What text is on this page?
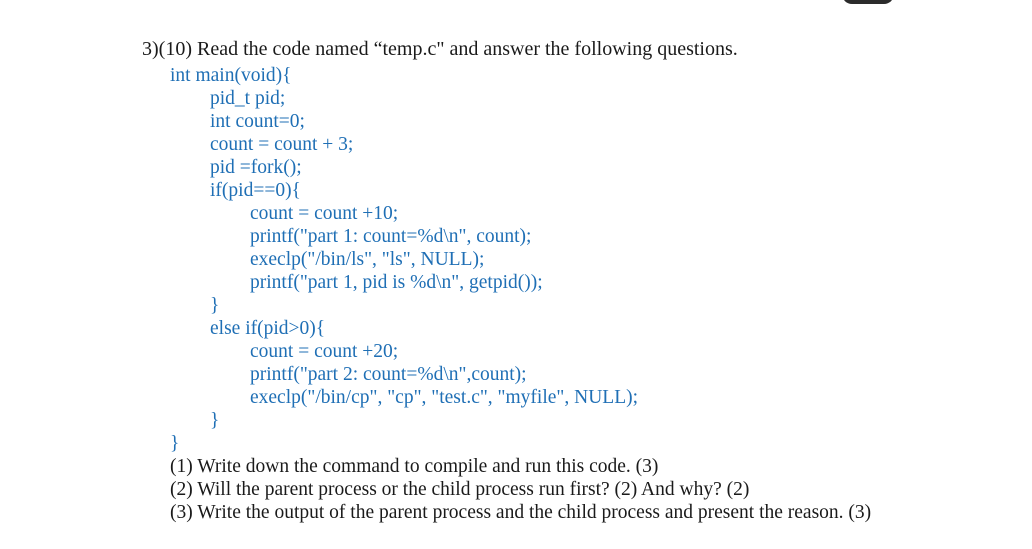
3)(10) Read the code named “temp.c" and answer the following questions.
int main(void){
pid_t pid;
int count=0;
count = count + 3;
pid =fork();
if(pid==0){
count = count +10;
printf("part 1: count=%d\n", count);
execlp("/bin/ls", "ls", NULL);
printf("part 1, pid is %d\n", getpid());
}
else if(pid>0){
count = count +20;
printf("part 2: count=%d\n",count);
execlp("/bin/cp", "cp", "test.c", "myfile", NULL);
}
}
(1) Write down the command to compile and run this code. (3)
(2) Will the parent process or the child process run first? (2) And why? (2)
(3) Write the output of the parent process and the child process and present the reason. (3)
